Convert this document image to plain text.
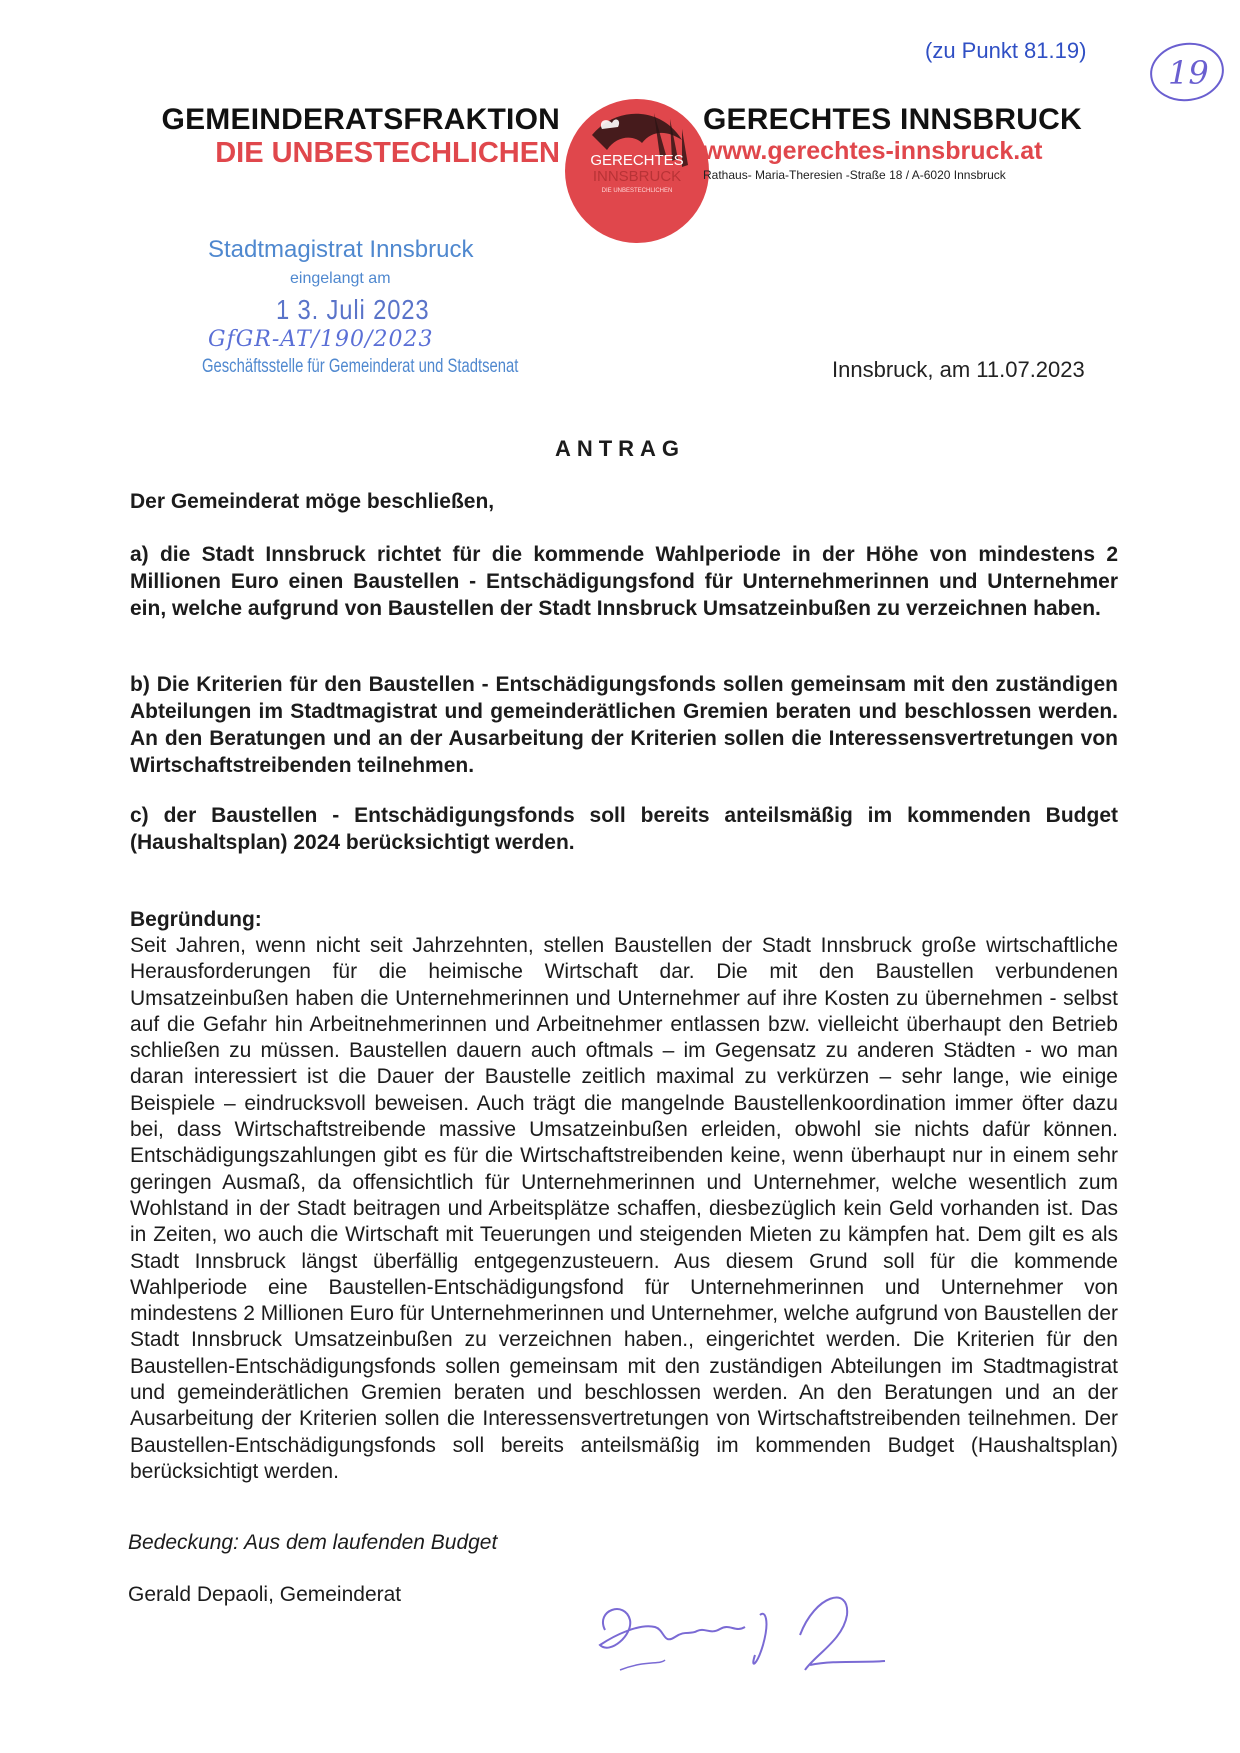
(zu Punkt 81.19)
19
GEMEINDERATSFRAKTION
DIE UNBESTECHLICHEN GERECHTES
INNSBRUCK
DIE UNBESTECHLICHEN
GERECHTES INNSBRUCK
www.gerechtes-innsbruck.at
Rathaus- Maria-Theresien -Straße 18 / A-6020 Innsbruck
Stadtmagistrat Innsbruck
eingelangt am
1 3. Juli 2023
GfGR-AT/190/2023
Geschäftsstelle für Gemeinderat und Stadtsenat	Innsbruck, am 11.07.2023
ANTRAG
Der Gemeinderat möge beschließen,
a) die Stadt Innsbruck richtet für die kommende Wahlperiode in der Höhe von mindestens 2 Millionen Euro einen Baustellen - Entschädigungsfond für Unternehmerinnen und Unternehmer ein, welche aufgrund von Baustellen der Stadt Innsbruck Umsatzeinbußen zu verzeichnen haben.
b) Die Kriterien für den Baustellen - Entschädigungsfonds sollen gemeinsam mit den zuständigen Abteilungen im Stadtmagistrat und gemeinderätlichen Gremien beraten und beschlossen werden. An den Beratungen und an der Ausarbeitung der Kriterien sollen die Interessensvertretungen von Wirtschaftstreibenden teilnehmen.
c) der Baustellen - Entschädigungsfonds soll bereits anteilsmäßig im kommenden Budget (Haushaltsplan) 2024 berücksichtigt werden.
Begründung:
Seit Jahren, wenn nicht seit Jahrzehnten, stellen Baustellen der Stadt Innsbruck große wirtschaftliche Herausforderungen für die heimische Wirtschaft dar. Die mit den Baustellen verbundenen Umsatzeinbußen haben die Unternehmerinnen und Unternehmer auf ihre Kosten zu übernehmen - selbst auf die Gefahr hin Arbeitnehmerinnen und Arbeitnehmer entlassen bzw. vielleicht überhaupt den Betrieb schließen zu müssen. Baustellen dauern auch oftmals – im Gegensatz zu anderen Städten - wo man daran interessiert ist die Dauer der Baustelle zeitlich maximal zu verkürzen – sehr lange, wie einige Beispiele – eindrucksvoll beweisen. Auch trägt die mangelnde Baustellenkoordination immer öfter dazu bei, dass Wirtschaftstreibende massive Umsatzeinbußen erleiden, obwohl sie nichts dafür können. Entschädigungszahlungen gibt es für die Wirtschaftstreibenden keine, wenn überhaupt nur in einem sehr geringen Ausmaß, da offensichtlich für Unternehmerinnen und Unternehmer, welche wesentlich zum Wohlstand in der Stadt beitragen und Arbeitsplätze schaffen, diesbezüglich kein Geld vorhanden ist. Das in Zeiten, wo auch die Wirtschaft mit Teuerungen und steigenden Mieten zu kämpfen hat. Dem gilt es als Stadt Innsbruck längst überfällig entgegenzusteuern. Aus diesem Grund soll für die kommende Wahlperiode eine Baustellen-Entschädigungsfond für Unternehmerinnen und Unternehmer von mindestens 2 Millionen Euro für Unternehmerinnen und Unternehmer, welche aufgrund von Baustellen der Stadt Innsbruck Umsatzeinbußen zu verzeichnen haben., eingerichtet werden. Die Kriterien für den Baustellen-Entschädigungsfonds sollen gemeinsam mit den zuständigen Abteilungen im Stadtmagistrat und gemeinderätlichen Gremien beraten und beschlossen werden. An den Beratungen und an der Ausarbeitung der Kriterien sollen die Interessensvertretungen von Wirtschaftstreibenden teilnehmen. Der Baustellen-Entschädigungsfonds soll bereits anteilsmäßig im kommenden Budget (Haushaltsplan) berücksichtigt werden.
Bedeckung: Aus dem laufenden Budget
Gerald Depaoli, Gemeinderat
